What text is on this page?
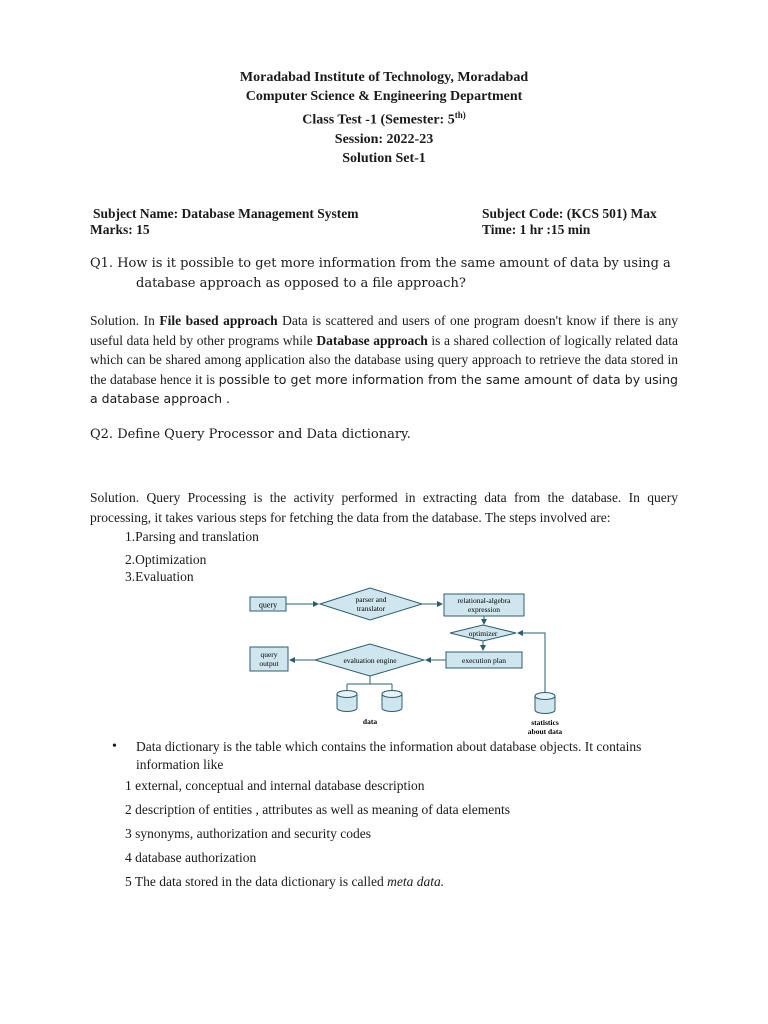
Moradabad Institute of Technology, Moradabad
Computer Science & Engineering Department
Class Test -1 (Semester: $5^{th)}$
Session: 2022-23
Solution Set-1
Subject Name: Database Management System	Subject Code: (KCS 501) Max
Marks: 15	Time: 1 hr :15 min
Q1. How is it possible to get more information from the same amount of data by using a
database approach as opposed to a file approach?
Solution. In File based approach Data is scattered and users of one program doesn't know if there is any useful data held by other programs while Database approach is a shared collection of logically related data which can be shared among application also the database using query approach to retrieve the data stored in the database hence it is possible to get more information from the same amount of data by using a database approach .
Q2. Define Query Processor and Data dictionary.
Solution. Query Processing is the activity performed in extracting data from the database. In query processing, it takes various steps for fetching the data from the database. The steps involved are:
1.Parsing and translation
2.Optimization
3.Evaluation
query
parser and
translator
relational-algebra
expression
optimizer
execution plan
evaluation engine
query
output
data	statistics
about data
• Data dictionary is the table which contains the information about database objects. It contains information like
1 external, conceptual and internal database description
2 description of entities , attributes as well as meaning of data elements
3 synonyms, authorization and security codes
4 database authorization
5 The data stored in the data dictionary is called meta data.
